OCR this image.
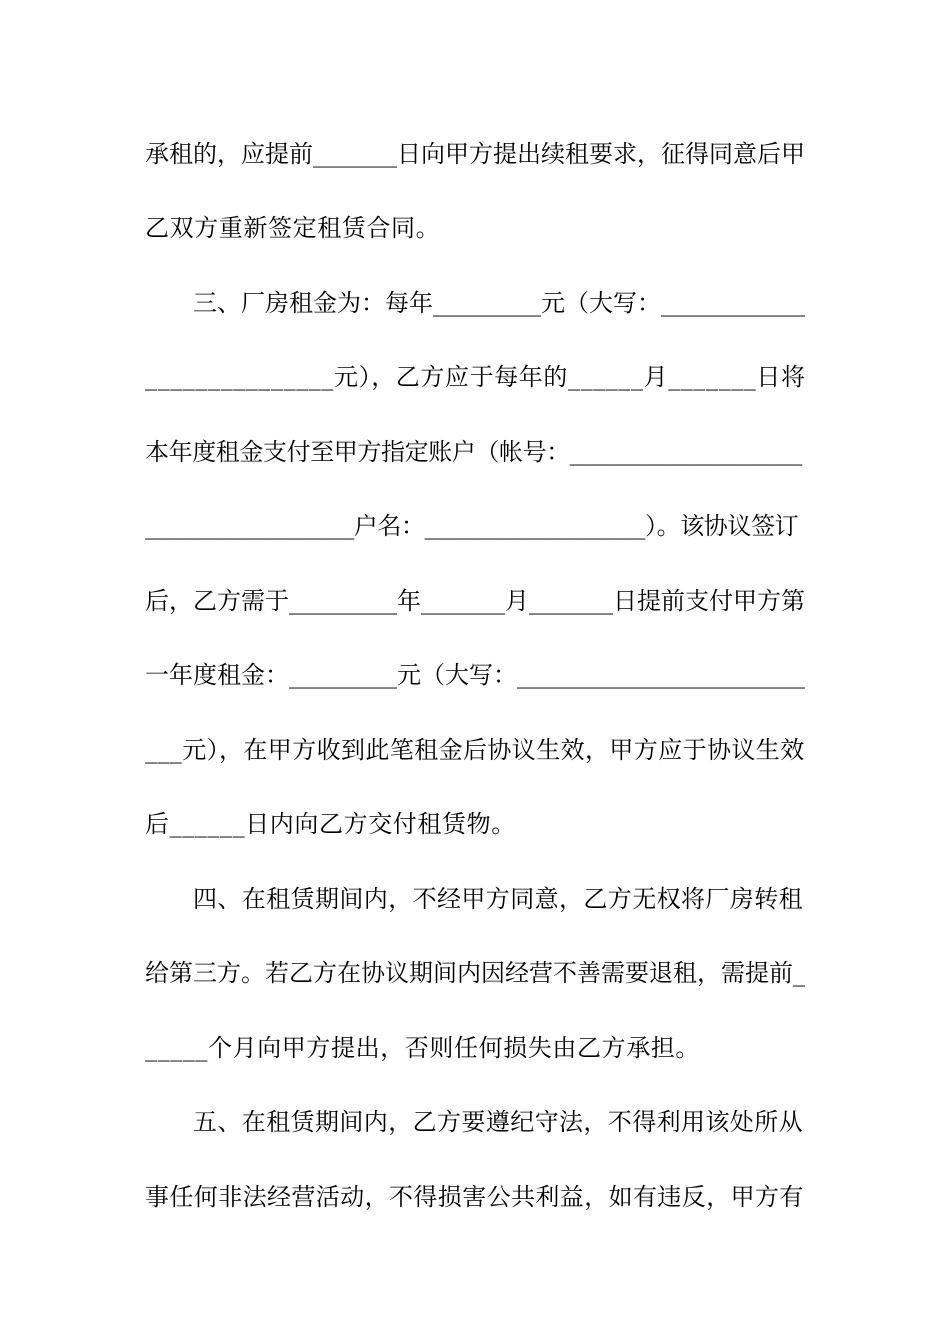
承租的，应提前_______日向甲方提出续租要求，征得同意后甲
乙双方重新签定租赁合同。
三、厂房租金为：每年_________元（大写：____________
_______________元），乙方应于每年的______月_______日将
本年度租金支付至甲方指定账户（帐号：____________________
__________________户名：___________________）。该协议签订
后，乙方需于_________年_______月_______日提前支付甲方第
一年度租金：_________元（大写：________________________
___元），在甲方收到此笔租金后协议生效，甲方应于协议生效
后______日内向乙方交付租赁物。
四、在租赁期间内，不经甲方同意，乙方无权将厂房转租
给第三方。若乙方在协议期间内因经营不善需要退租，需提前_
_____个月向甲方提出，否则任何损失由乙方承担。
五、在租赁期间内，乙方要遵纪守法，不得利用该处所从
事任何非法经营活动，不得损害公共利益，如有违反，甲方有
